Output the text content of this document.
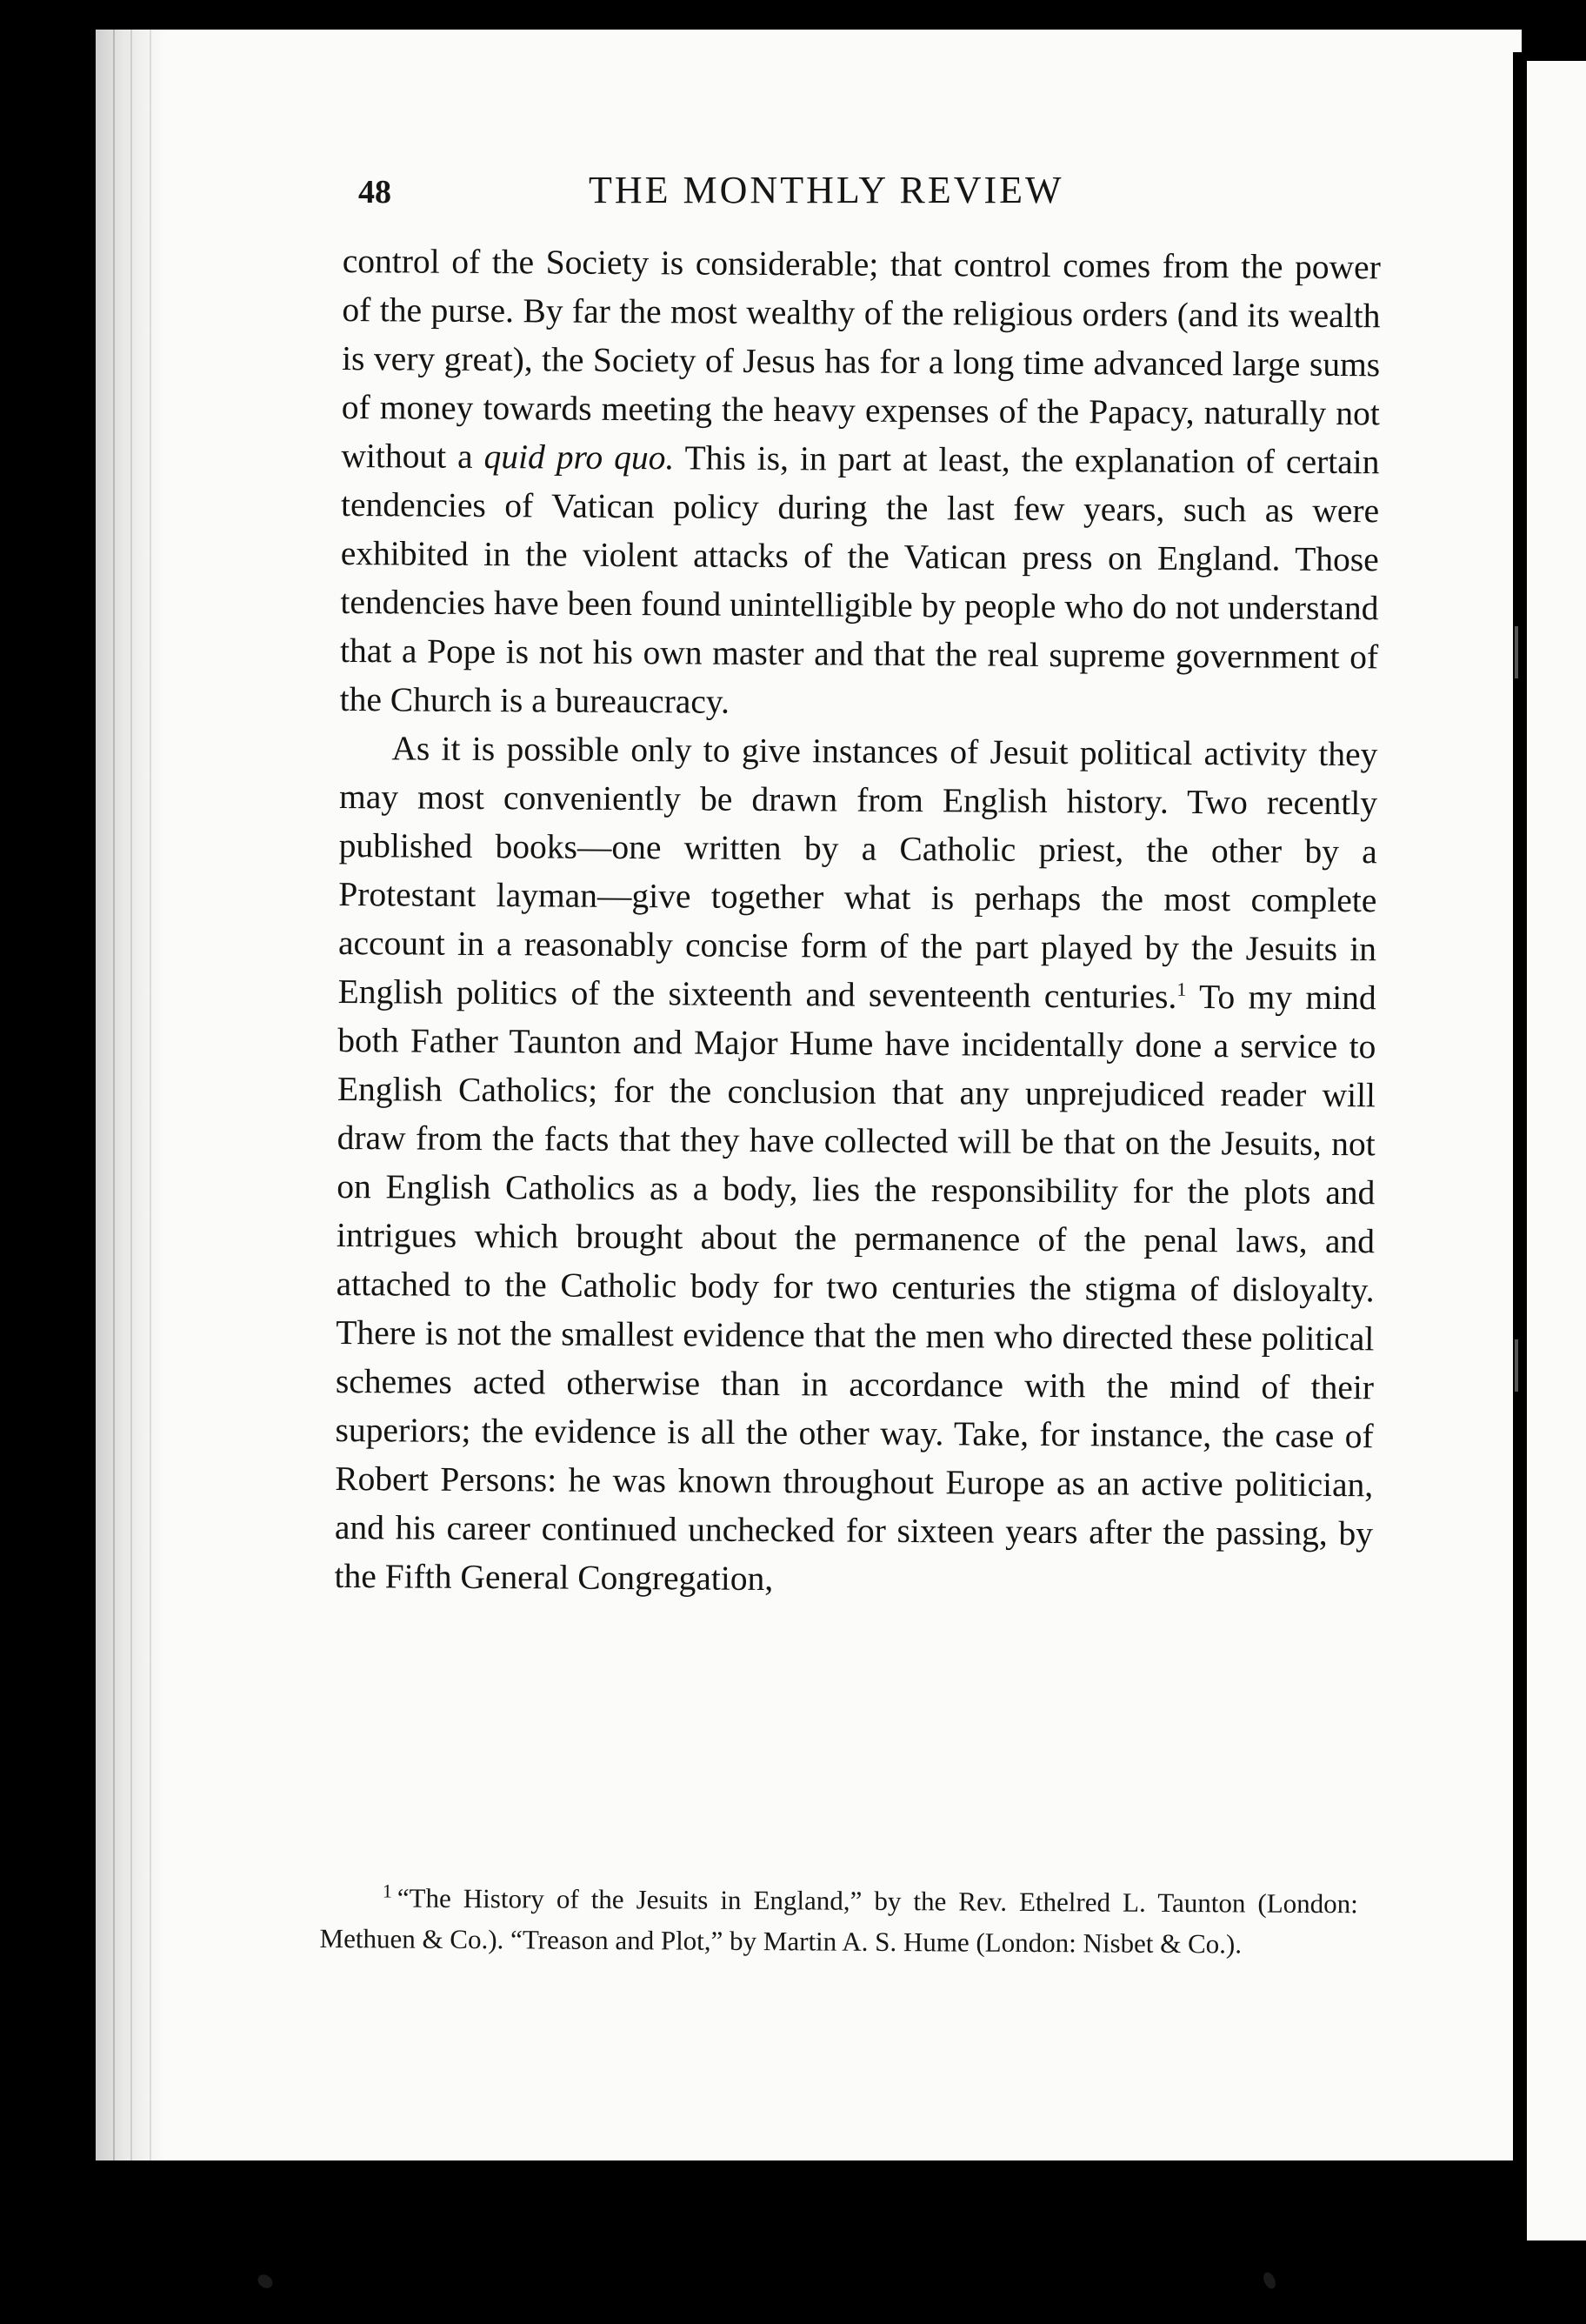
48	THE MONTHLY REVIEW

control of the Society is considerable; that control comes from the power of the purse. By far the most wealthy of the religious orders (and its wealth is very great), the Society of Jesus has for a long time advanced large sums of money towards meeting the heavy expenses of the Papacy, naturally not without a quid pro quo. This is, in part at least, the explanation of certain tendencies of Vatican policy during the last few years, such as were exhibited in the violent attacks of the Vatican press on England. Those tendencies have been found unintelligible by people who do not understand that a Pope is not his own master and that the real supreme government of the Church is a bureaucracy.

As it is possible only to give instances of Jesuit political activity they may most conveniently be drawn from English history. Two recently published books—one written by a Catholic priest, the other by a Protestant layman—give together what is perhaps the most complete account in a reasonably concise form of the part played by the Jesuits in English politics of the sixteenth and seventeenth centuries.$^1$ To my mind both Father Taunton and Major Hume have incidentally done a service to English Catholics; for the conclusion that any unprejudiced reader will draw from the facts that they have collected will be that on the Jesuits, not on English Catholics as a body, lies the responsibility for the plots and intrigues which brought about the permanence of the penal laws, and attached to the Catholic body for two centuries the stigma of disloyalty. There is not the smallest evidence that the men who directed these political schemes acted otherwise than in accordance with the mind of their superiors; the evidence is all the other way. Take, for instance, the case of Robert Persons: he was known throughout Europe as an active politician, and his career continued unchecked for sixteen years after the passing, by the Fifth General Congregation,

$^1$ “The History of the Jesuits in England,” by the Rev. Ethelred L. Taunton (London: Methuen & Co.). “Treason and Plot,” by Martin A. S. Hume (London: Nisbet & Co.).
